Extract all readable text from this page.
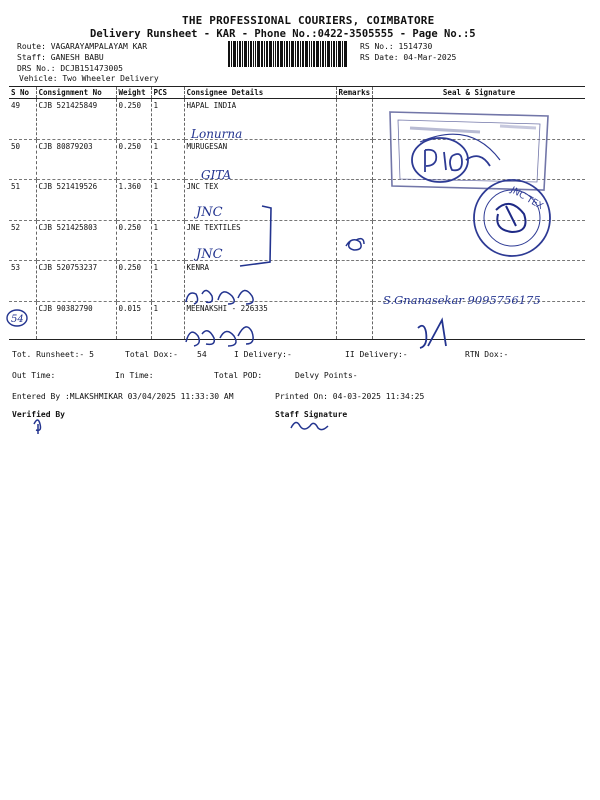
THE PROFESSIONAL COURIERS, COIMBATORE
Delivery Runsheet - KAR - Phone No.:0422-3505555 - Page No.:5
Route: VAGARAYAMPALAYAM KAR
Staff: GANESH BABU
DRS No.: DCJB151473005
Vehicle: Two Wheeler Delivery
RS No.: 1514730
RS Date: 04-Mar-2025
S No	Consignment No	Weight	PCS	Consignee Details	Remarks	Seal & Signature
49	CJB 521425849	0.250	1	HAPAL INDIA		
50	CJB 80879203	0.250	1	MURUGESAN		
51	CJB 521419526	1.360	1	JNC TEX		
52	CJB 521425803	0.250	1	JNE TEXTILES		
53	CJB 520753237	0.250	1	KENRA		
	CJB 90382790	0.015	1	MEENAKSHI - 226335		
Lonurna
GITA
JNC
JNC
JNC TEX
S.Gnanasekar 9095756175
54
Tot. Runsheet:- 5	Total Dox:- 54	I Delivery:-	II Delivery:-	RTN Dox:-
Out Time:	In Time:	Total POD:	Delvy Points-
Entered By :MLAKSHMIKAR 03/04/2025 11:33:30 AM	Printed On: 04-03-2025 11:34:25
Verified By	Staff Signature
